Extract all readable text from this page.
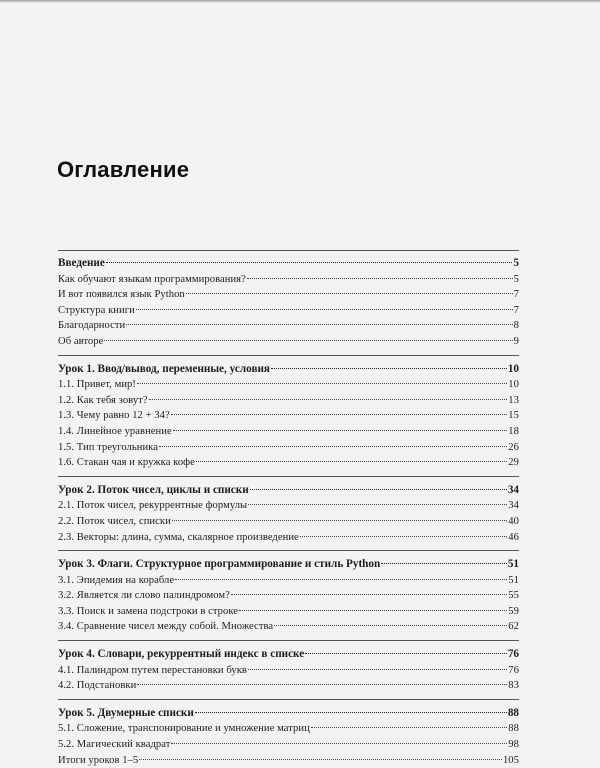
Оглавление
Введение	5
Как обучают языкам программирования?	5
И вот появился язык Python	7
Структура книги	7
Благодарности	8
Об авторе	9
Урок 1. Ввод/вывод, переменные, условия	10
1.1. Привет, мир!	10
1.2. Как тебя зовут?	13
1.3. Чему равно 12 + 34?	15
1.4. Линейное уравнение	18
1.5. Тип треугольника	26
1.6. Стакан чая и кружка кофе	29
Урок 2. Поток чисел, циклы и списки	34
2.1. Поток чисел, рекуррентные формулы	34
2.2. Поток чисел, списки	40
2.3. Векторы: длина, сумма, скалярное произведение	46
Урок 3. Флаги. Структурное программирование и стиль Python	51
3.1. Эпидемия на корабле	51
3.2. Является ли слово палиндромом?	55
3.3. Поиск и замена подстроки в строке	59
3.4. Сравнение чисел между собой. Множества	62
Урок 4. Словари, рекуррентный индекс в списке	76
4.1. Палиндром путем перестановки букв	76
4.2. Подстановки	83
Урок 5. Двумерные списки	88
5.1. Сложение, транспонирование и умножение матриц	88
5.2. Магический квадрат	98
Итоги уроков 1–5	105
